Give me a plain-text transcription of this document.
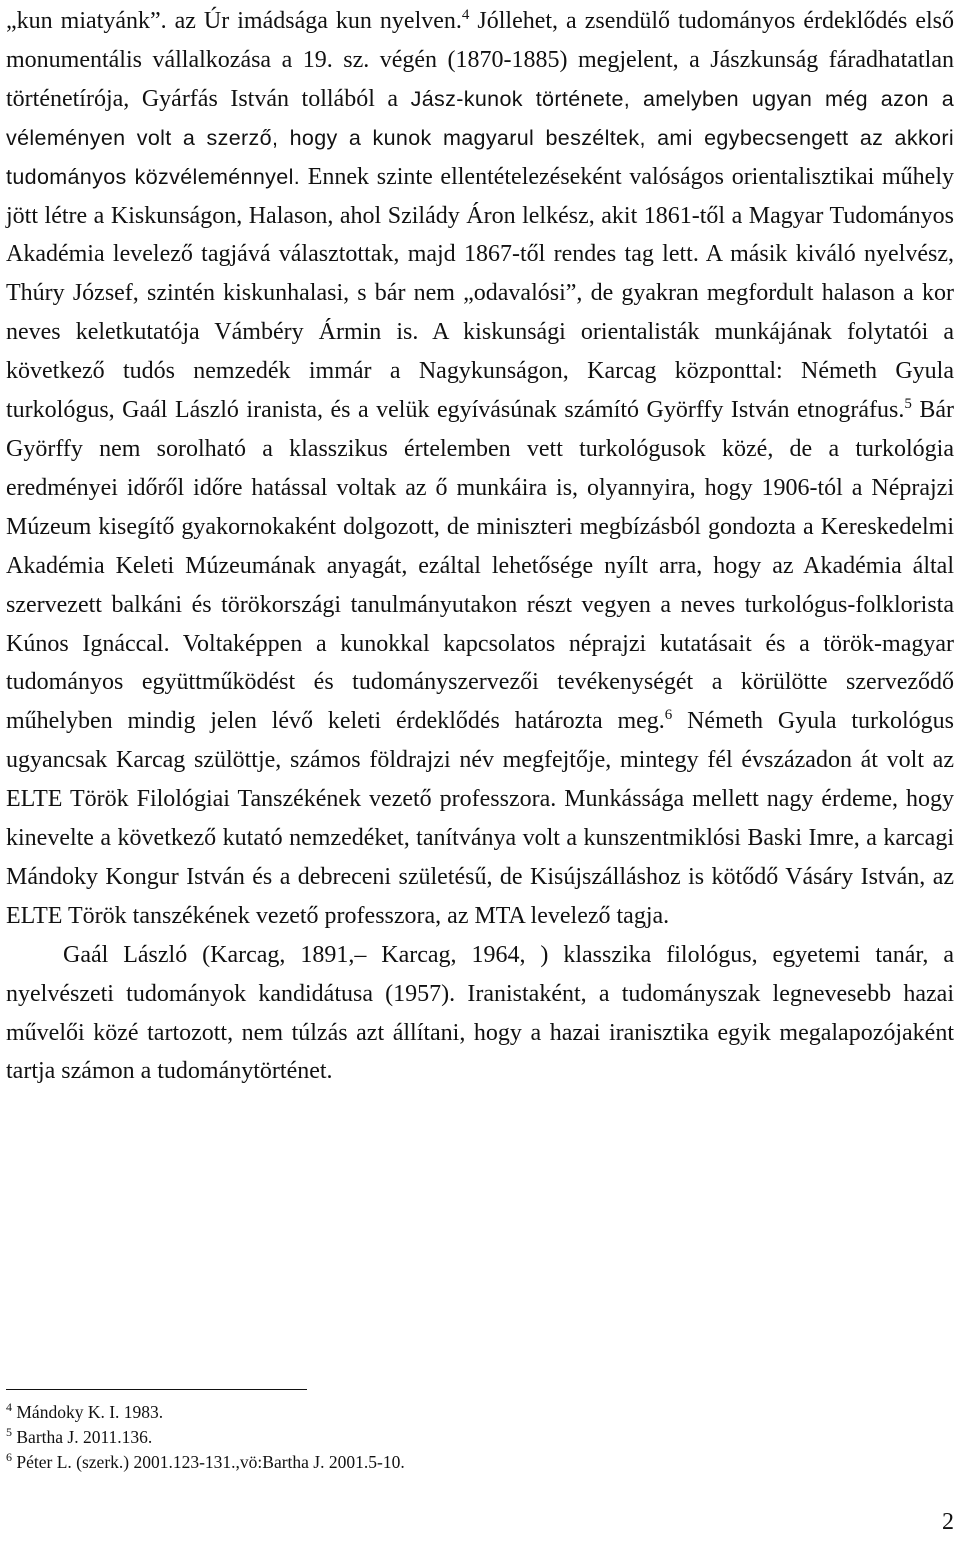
„kun miatyánk”. az Úr imádsága kun nyelven.$^4$ Jóllehet, a zsendülő tudományos érdeklődés első monumentális vállalkozása a 19. sz. végén (1870-1885) megjelent, a Jászkunság fáradhatatlan történetírója, Gyárfás István tollából a Jász-kunok története, amelyben ugyan még azon a véleményen volt a szerző, hogy a kunok magyarul beszéltek, ami egybecsengett az akkori tudományos közvéleménnyel. Ennek szinte ellentételezéseként valóságos orientalisztikai műhely jött létre a Kiskunságon, Halason, ahol Szilády Áron lelkész, akit 1861-től a Magyar Tudományos Akadémia levelező tagjává választottak, majd 1867-től rendes tag lett. A másik kiváló nyelvész, Thúry József, szintén kiskunhalasi, s bár nem „odavalósi”, de gyakran megfordult halason a kor neves keletkutatója Vámbéry Ármin is. A kiskunsági orientalisták munkájának folytatói a következő tudós nemzedék immár a Nagykunságon, Karcag központtal: Németh Gyula turkológus, Gaál László iranista, és a velük egyívásúnak számító Györffy István etnográfus.$^5$ Bár Györffy nem sorolható a klasszikus értelemben vett turkológusok közé, de a turkológia eredményei időről időre hatással voltak az ő munkáira is, olyannyira, hogy 1906-tól a Néprajzi Múzeum kisegítő gyakornokaként dolgozott, de miniszteri megbízásból gondozta a Kereskedelmi Akadémia Keleti Múzeumának anyagát, ezáltal lehetősége nyílt arra, hogy az Akadémia által szervezett balkáni és törökországi tanulmányutakon részt vegyen a neves turkológus-folklorista Kúnos Ignáccal. Voltaképpen a kunokkal kapcsolatos néprajzi kutatásait és a török-magyar tudományos együttműködést és tudományszervezői tevékenységét a körülötte szerveződő műhelyben mindig jelen lévő keleti érdeklődés határozta meg.$^6$ Németh Gyula turkológus ugyancsak Karcag szülöttje, számos földrajzi név megfejtője, mintegy fél évszázadon át volt az ELTE Török Filológiai Tanszékének vezető professzora. Munkássága mellett nagy érdeme, hogy kinevelte a következő kutató nemzedéket, tanítványa volt a kunszentmiklósi Baski Imre, a karcagi Mándoky Kongur István és a debreceni születésű, de Kisújszálláshoz is kötődő Vásáry István, az ELTE Török tanszékének vezető professzora, az MTA levelező tagja.

Gaál László (Karcag, 1891,– Karcag, 1964, ) klasszika filológus, egyetemi tanár, a nyelvészeti tudományok kandidátusa (1957). Iranistaként, a tudományszak legnevesebb hazai művelői közé tartozott, nem túlzás azt állítani, hogy a hazai iranisztika egyik megalapozójaként tartja számon a tudománytörténet.

$^4$ Mándoky K. I. 1983.

$^5$ Bartha J. 2011.136.

$^6$ Péter L. (szerk.) 2001.123-131.,vö:Bartha J. 2001.5-10.

2
